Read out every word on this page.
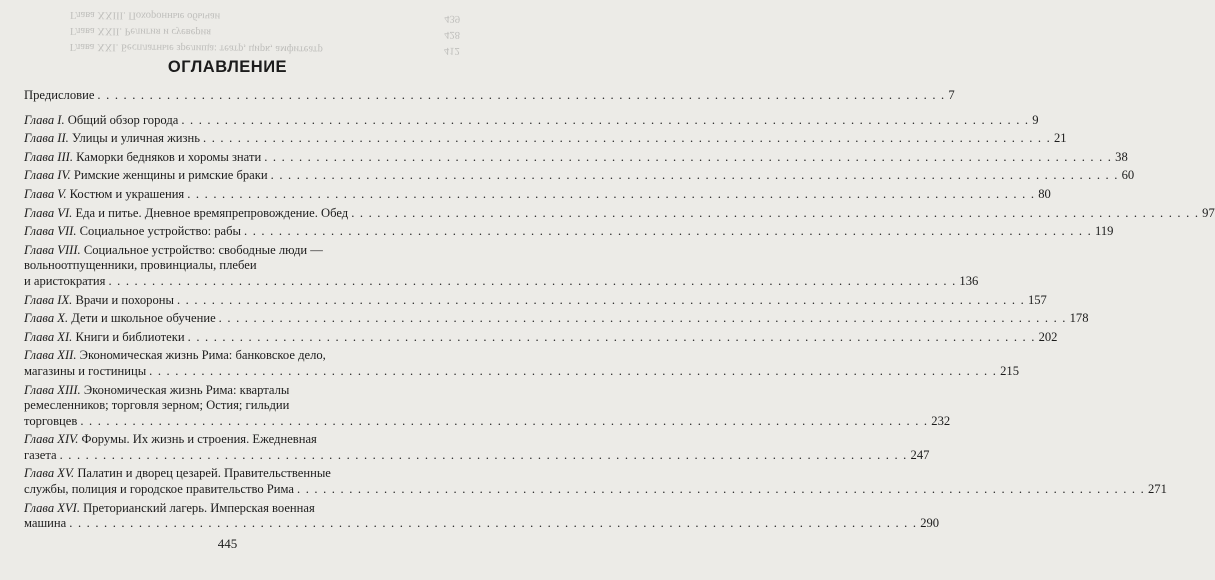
Глава XXI. Бесплатные зрелища: театр, цирк, амфитеатр	412
Глава XXII. Религия и суеверия	428
Глава XXIII. Похоронные обычаи	439
ОГЛАВЛЕНИЕ
Предисловие . . .	7
Глава I. Общий обзор города . . .	9
Глава II. Улицы и уличная жизнь . . .	21
Глава III. Каморки бедняков и хоромы знати . . .	38
Глава IV. Римские женщины и римские браки . . .	60
Глава V. Костюм и украшения . . .	80
Глава VI. Еда и питье. Дневное времяпрепровождение. Обед . . .	97
Глава VII. Социальное устройство: рабы . . .	119
Глава VIII. Социальное устройство: свободные люди —
вольноотпущенники, провинциалы, плебеи
и аристократия . . .	136
Глава IX. Врачи и похороны . . .	157
Глава X. Дети и школьное обучение . . .	178
Глава XI. Книги и библиотеки . . .	202
Глава XII. Экономическая жизнь Рима: банковское дело,
магазины и гостиницы . . .	215
Глава XIII. Экономическая жизнь Рима: кварталы
ремесленников; торговля зерном; Остия; гильдии
торговцев . . .	232
Глава XIV. Форумы. Их жизнь и строения. Ежедневная
газета . . .	247
Глава XV. Палатин и дворец цезарей. Правительственные
службы, полиция и городское правительство Рима . . .	271
Глава XVI. Преторианский лагерь. Имперская военная
машина . . .	290
445
